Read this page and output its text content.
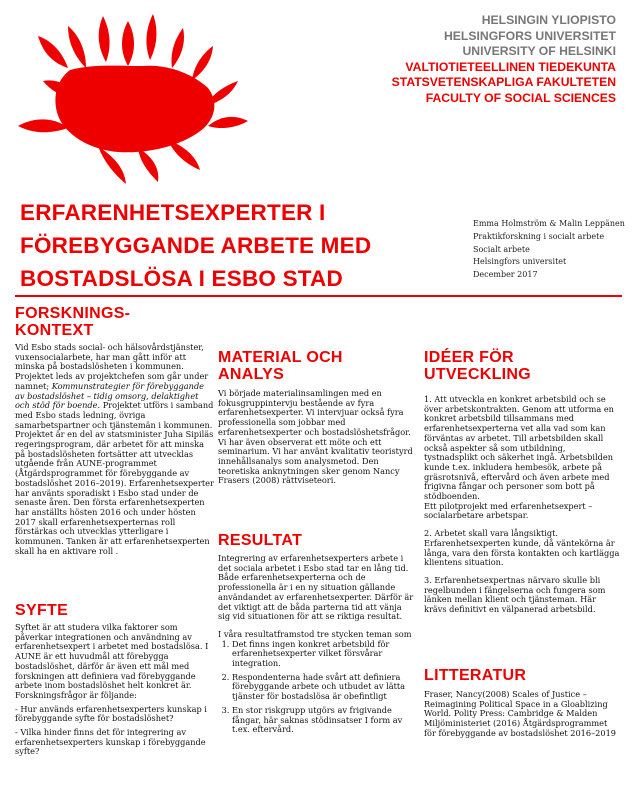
HELSINGIN YLIOPISTO
HELSINGFORS UNIVERSITET
UNIVERSITY OF HELSINKI
VALTIOTIETEELLINEN TIEDEKUNTA
STATSVETENSKAPLIGA FAKULTETEN
FACULTY OF SOCIAL SCIENCES
ERFARENHETSEXPERTER I
FÖREBYGGANDE ARBETE MED
BOSTADSLÖSA I ESBO STAD
Emma Holmström & Malin Leppänen
Praktikforskning i socialt arbete
Socialt arbete
Helsingfors universitet
December 2017
FORSKNINGS-KONTEXT
Vid Esbo stads social- och hälsovårdstjänster, vuxensocialarbete, har man gått inför att minska på bostadslösheten i kommunen. Projektet leds av projektchefen som går under namnet; Kommunstrategier för förebyggande av bostadslöshet – tidig omsorg, delaktighet och stöd för boende. Projektet utförs i samband med Esbo stads ledning, övriga samarbetspartner och tjänstemän i kommunen. Projektet är en del av statsminister Juha Sipiläs regeringsprogram, där arbetet för att minska på bostadslösheten fortsätter att utvecklas utgående från AUNE-programmet (Åtgärdsprogrammet för förebyggande av bostadslöshet 2016–2019). Erfarenhetsexperter har använts sporadiskt i Esbo stad under de senaste åren. Den första erfarenhetsexperten har anställts hösten 2016 och under hösten 2017 skall erfarenhetsexperternas roll förstärkas och utvecklas ytterligare i kommunen. Tanken är att erfarenhetsexperten skall ha en aktivare roll .
SYFTE
Syftet är att studera vilka faktorer som påverkar integrationen och användning av erfarenhetsexpert i arbetet med bostadslösa. I AUNE är ett huvudmål att förebygga bostadslöshet, därför är även ett mål med forskningen att definiera vad förebyggande arbete inom bostadslöshet helt konkret är.
Forskningsfrågor är följande:
- Hur används erfarenhetsexperters kunskap i förebyggande syfte för bostadslöshet?
- Vilka hinder finns det för integrering av erfarenhetsexperters kunskap i förebyggande syfte?
MATERIAL OCH ANALYS
Vi började materialinsamlingen med en fokusgruppintervju bestående av fyra erfarenhetsexperter. Vi intervjuar också fyra professionella som jobbar med erfarenhetsexperter och bostadslöshetsfrågor. Vi har även observerat ett möte och ett seminarium. Vi har använt kvalitativ teoristyrd innehållsanalys som analysmetod. Den teoretiska anknytningen sker genom Nancy Frasers (2008) rättviseteori.
RESULTAT

Integrering av erfarenhetsexperters arbete i det sociala arbetet i Esbo stad tar en lång tid. Både erfarenhetsexperterna och de professionella är i en ny situation gällande användandet av erfarenhetsexperter. Därför är det viktigt att de båda parterna tid att vänja sig vid situationen för att se riktiga resultat.

I våra resultatframstod tre stycken teman som
1. Det finns ingen konkret arbetsbild för erfarenhetsexperter vilket försvårar integration.
2. Respondenterna hade svårt att definiera förebyggande arbete och utbudet av lätta tjänster för bostadslösa är obefintligt
3. En stor riskgrupp utgörs av frigivande fångar, här saknas stödinsatser I form av t.ex. eftervård.
IDÉER FÖR UTVECKLING
1. Att utveckla en konkret arbetsbild och se över arbetskontrakten. Genom att utforma en konkret arbetsbild tillsammans med erfarenhetsexperterna vet alla vad som kan förväntas av arbetet. Till arbetsbilden skall också aspekter så som utbildning, tystnadsplikt och säkerhet ingå. Arbetsbilden kunde t.ex. inkludera hembesök, arbete på gräsrotsnivå, eftervård och även arbete med frigivna fångar och personer som bott på stödboenden.

Ett pilotprojekt med erfarenhetsexpert – socialarbetare arbetspar.

2. Arbetet skall vara långsiktigt. Erfarenhetsexperten kunde, då väntekörna är långa, vara den första kontakten och kartlägga klientens situation.

3. Erfarenhetsexpertnas närvaro skulle bli regelbunden i fängelserna och fungera som länken mellan klient och tjänsteman. Här krävs definitivt en välpanerad arbetsbild.

LITTERATUR
Fraser, Nancy(2008) Scales of Justice – Reimagining Political Space in a Gloablizing World. Polity Press: Cambridge & Malden
Miljöministeriet (2016) Åtgärdsprogrammet för förebyggande av bostadslöshet 2016–2019
